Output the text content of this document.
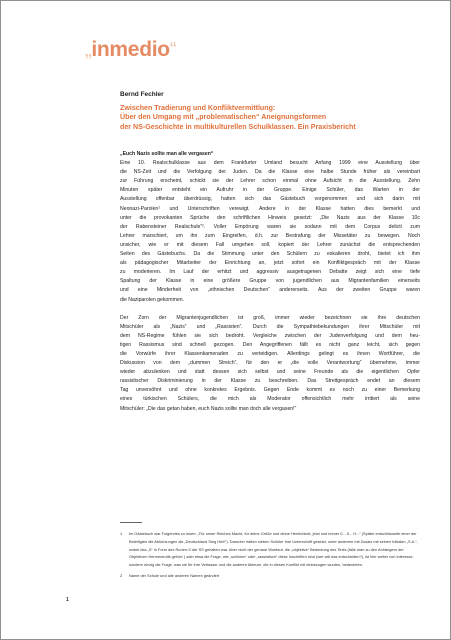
„inmedio“
Bernd Fechler
Zwischen Tradierung und Konfliktvermittlung:
Über den Umgang mit „problematischen“ Aneignungsformen
der NS-Geschichte in multikulturellen Schulklassen. Ein Praxisbericht
„Euch Nazis sollte man alle vergasen“
Eine 10. Realschulklasse aus dem Frankfurter Umland besucht Anfang 1999 eine Ausstellung über
die NS-Zeit und die Verfolgung der Juden. Da die Klasse eine halbe Stunde früher als vereinbart
zur Führung erscheint, schickt sie der Lehrer schon einmal ohne Aufsicht in die Ausstellung. Zehn
Minuten später entsteht ein Aufruhr in der Gruppe. Einige Schüler, das Warten in der
Ausstellung offenbar überdrüssig, hatten sich das Gästebuch vorgenommen und sich darin mit
Neonazi-Parolen¹ und Unterschriften verewigt. Andere in der Klasse hatten dies bemerkt und
unter die provokanten Sprüche den schriftlichen Hinweis gesetzt: „Die Nazis aus der Klasse 10c
der Rabensteiner Realschule“². Voller Empörung waren sie sodann mit dem Corpus delicti zum
Lehrer marschiert, um ihn zum Eingreifen, d.h. zur Bestrafung der Missetäter zu bewegen. Noch
unsicher, wie er mit diesem Fall umgehen soll, kopiert der Lehrer zunächst die entsprechenden
Seiten des Gästebuchs. Da die Stimmung unter den Schülern zu eskalieren droht, bietet ich ihm
als pädagogischer Mitarbeiter der Einrichtung an, jetzt sofort ein Konfliktgespräch mit der Klasse
zu moderieren. Im Lauf der erhitzt und aggressiv ausgetragenen Debatte zeigt sich eine tiefe
Spaltung der Klasse in eine größere Gruppe von jugendlichen aus Migrantenfamilien einerseits
und eine Minderheit von „ethnischen Deutschen“ andererseits. Aus der zweiten Gruppe waren
die Naziparolen gekommen.
Der Zorn der Migrantenjugendlichen ist groß, immer wieder bezeichnen sie ihre deutschen
Mitschüler als „Nazis“ und „Rassisten“. Durch die Sympathiebekundungen ihrer Mitschüler mit
dem NS-Regime fühlen sie sich bedroht. Vergleiche zwischen der Judenverfolgung und dem heu-
tigen Rassismus sind schnell gezogen. Den Angegriffenen fällt es nicht ganz leicht, sich gegen
die Vorwürfe ihrer Klassenkameraden zu verteidigen. Allerdings gelingt es ihnen Wortführer, die
Diskussion von dem „dummen Streich“, für den er „die volle Verantwortung“ übernehme, immer
wieder abzulenken und statt dessen sich selbst und seine Freunde als die eigentlichen Opfer
rassistischer Diskriminierung in der Klasse zu beschreiben. Das Streitgespräch endet an diesem
Tag unversöhnt und ohne konkretes Ergebnis. Gegen Ende kommt es noch zu einer Bemerkung
eines türkischen Schülers, die mich als Moderator offensichtlich mehr irritiert als seine
Mitschüler: „Die das getan haben, euch Nazis sollte man doch alle vergasen!“
1	Im Gästebuch war Folgendes zu lesen: „Für unser Reiches Macht, für deine Größe und deine Herrlichkeit, jetzt und immer 0... 5... H...“ (Später entschlüsselte einer der Beteiligten die Abkürzungen als „Deutschland Sieg Heil!“). Darunter hatten sieben Schüler ihre Unterschrift gesetzt, unter anderem mit Zusatz mit seinen Initialen „S.A.“, wobei das „S“ in Form des Runen-S der SS gehalten war. Aber nicht der genaue Wortlaut, die „objektive“ Bedeutung des Texts (falls man zu den Anhängern der Objektiven Hermeneutik gehört ) oder etwa die Frage, wie „schlimm“ oder „rassistisch“ diese Inschriften sind (wer will das entscheiden?), ist hier weiter von Interesse, sondern einzig die Frage, was sie für ihre Verfasser und die anderen Akteure, die in diesen Konflikt mit einbezogen wurden, bedeuteten.
2	Name der Schule und alle anderen Namen geändert
1
